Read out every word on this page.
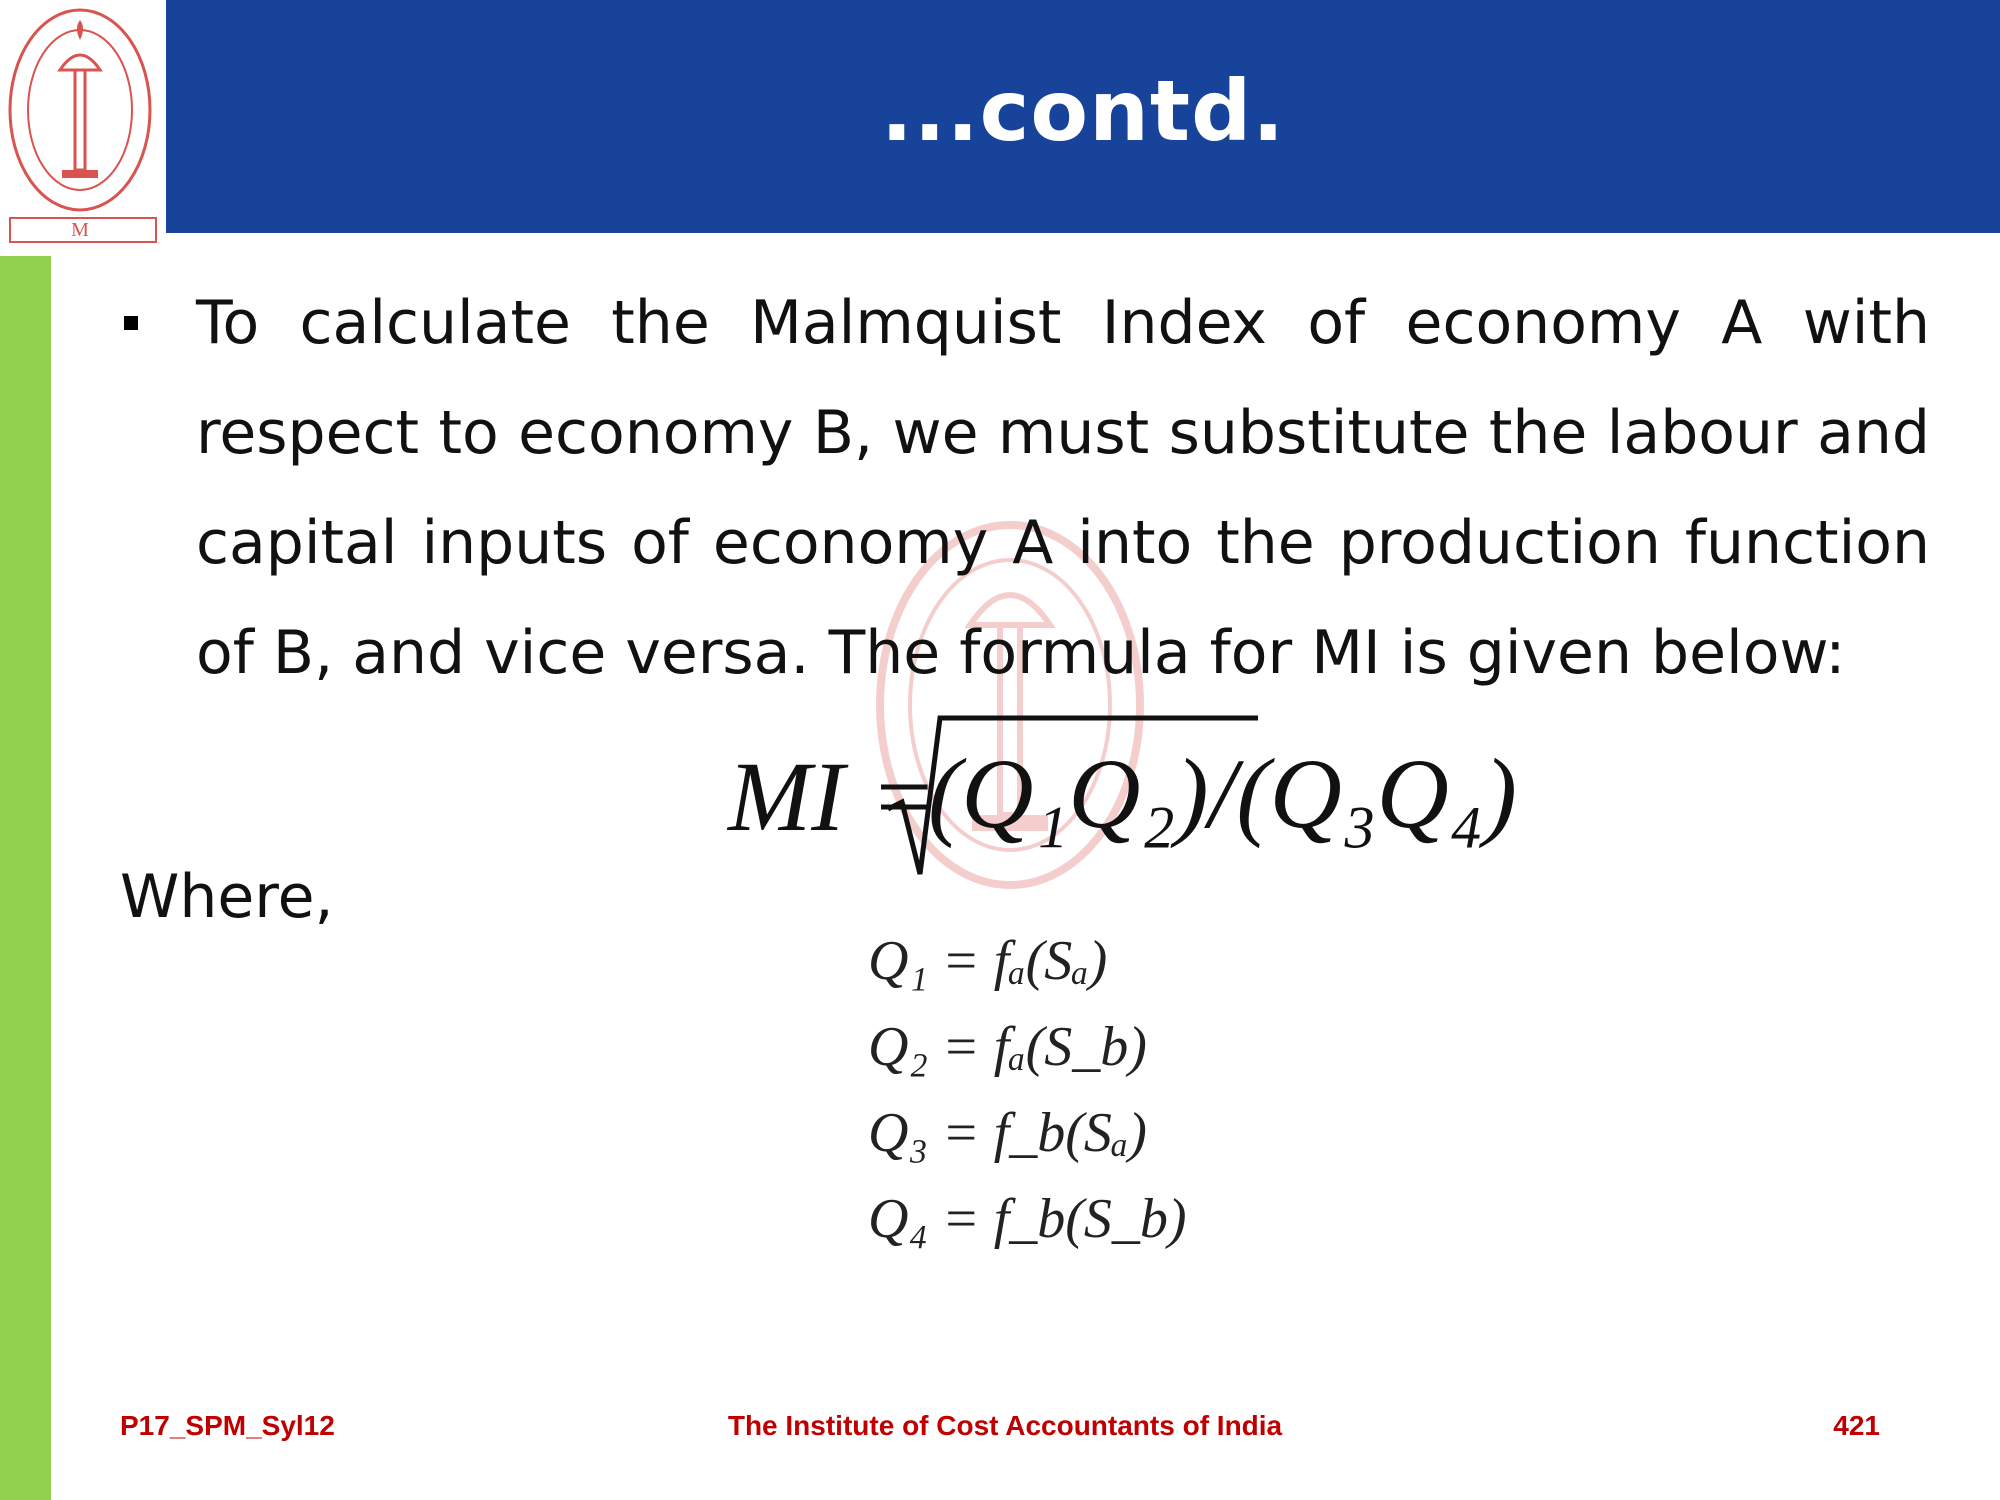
M
...contd.
To calculate the Malmquist Index of economy A with respect to economy B, we must substitute the labour and capital inputs of economy A into the production function of B, and vice versa. The formula for MI is given below:
MI =
(Q₁Q₂)/(Q₃Q₄)
Where,
Q₁ = fₐ(Sₐ)
Q₂ = fₐ(S_b)
Q₃ = f_b(Sₐ)
Q₄ = f_b(S_b)
P17_SPM_Syl12	The Institute of Cost Accountants of India	421
